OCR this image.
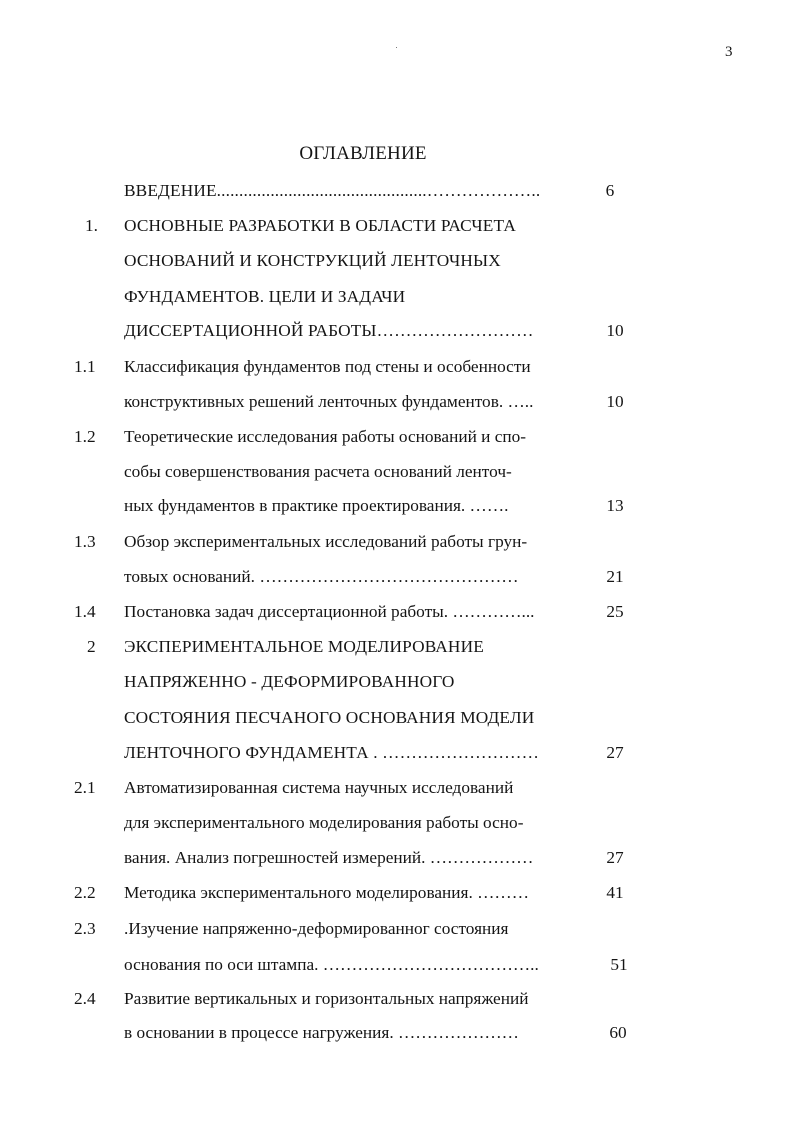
3
ОГЛАВЛЕНИЕ
ВВЕДЕНИЕ...............................................………………..	6
1.	ОСНОВНЫЕ РАЗРАБОТКИ В ОБЛАСТИ РАСЧЕТА
ОСНОВАНИЙ И КОНСТРУКЦИЙ ЛЕНТОЧНЫХ
ФУНДАМЕНТОВ. ЦЕЛИ И ЗАДАЧИ
ДИССЕРТАЦИОННОЙ РАБОТЫ………………………	10
1.1	Классификация фундаментов под стены и особенности
конструктивных решений ленточных фундаментов. …..	10
1.2	Теоретические исследования работы оснований и спо-
собы совершенствования расчета оснований ленточ-
ных фундаментов в практике проектирования. …….	13
1.3	Обзор экспериментальных исследований работы грун-
товых оснований. ………………………………………	21
1.4	Постановка задач диссертационной работы. …………...	25
2	ЭКСПЕРИМЕНТАЛЬНОЕ МОДЕЛИРОВАНИЕ
НАПРЯЖЕННО - ДЕФОРМИРОВАННОГО
СОСТОЯНИЯ ПЕСЧАНОГО ОСНОВАНИЯ МОДЕЛИ
ЛЕНТОЧНОГО ФУНДАМЕНТА . ………………………	27
2.1	Автоматизированная система научных исследований
для экспериментального моделирования работы осно-
вания. Анализ погрешностей измерений. ………………	27
2.2	Методика экспериментального моделирования. ………	41
2.3	.Изучение напряженно-деформированног состояния
основания по оси штампа. ………………………………..	51
2.4	Развитие вертикальных и горизонтальных напряжений
в основании в процессе нагружения. …………………	60
